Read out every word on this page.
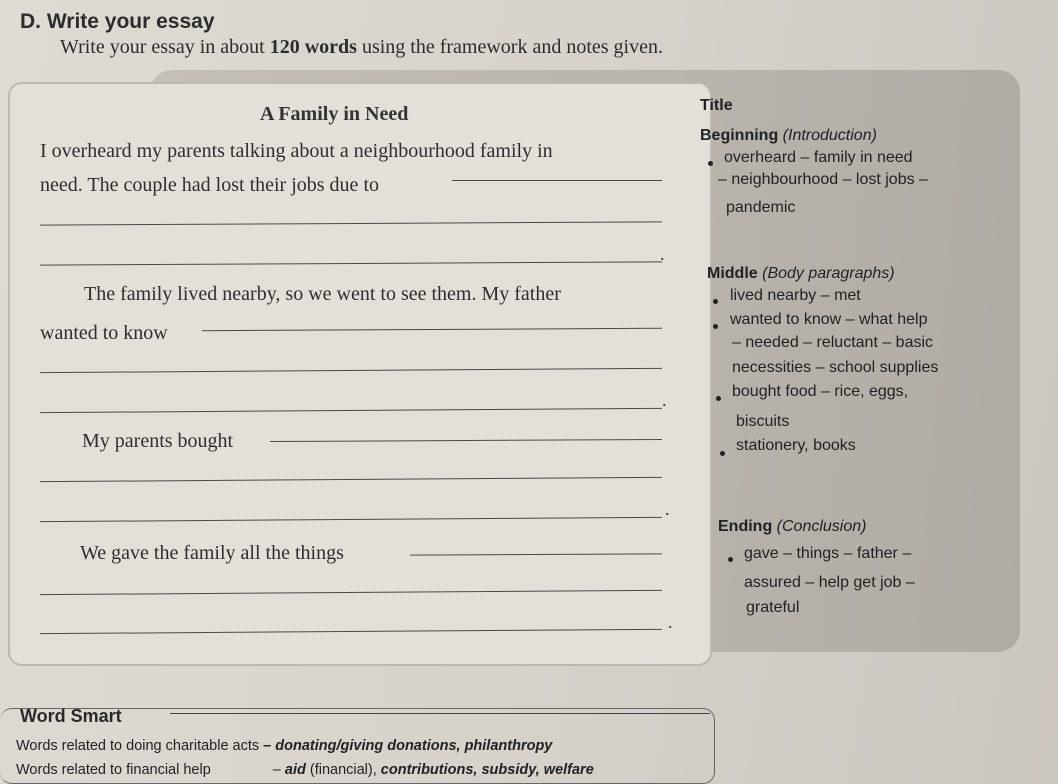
D. Write your essay
Write your essay in about 120 words using the framework and notes given.
A Family in Need
I overheard my parents talking about a neighbourhood family in
need. The couple had lost their jobs due to
.
The family lived nearby, so we went to see them. My father
wanted to know
.
My parents bought
.
We gave the family all the things
.
Title
Beginning (Introduction)
overheard – family in need
– neighbourhood – lost jobs –
pandemic
Middle (Body paragraphs)
lived nearby – met
wanted to know – what help
– needed – reluctant – basic
necessities – school supplies
bought food – rice, eggs,
biscuits
stationery, books
Ending (Conclusion)
gave – things – father –
assured – help get job –
grateful
Word Smart
Words related to doing charitable acts – donating/giving donations, philanthropy
Words related to financial help	– aid (financial), contributions, subsidy, welfare
